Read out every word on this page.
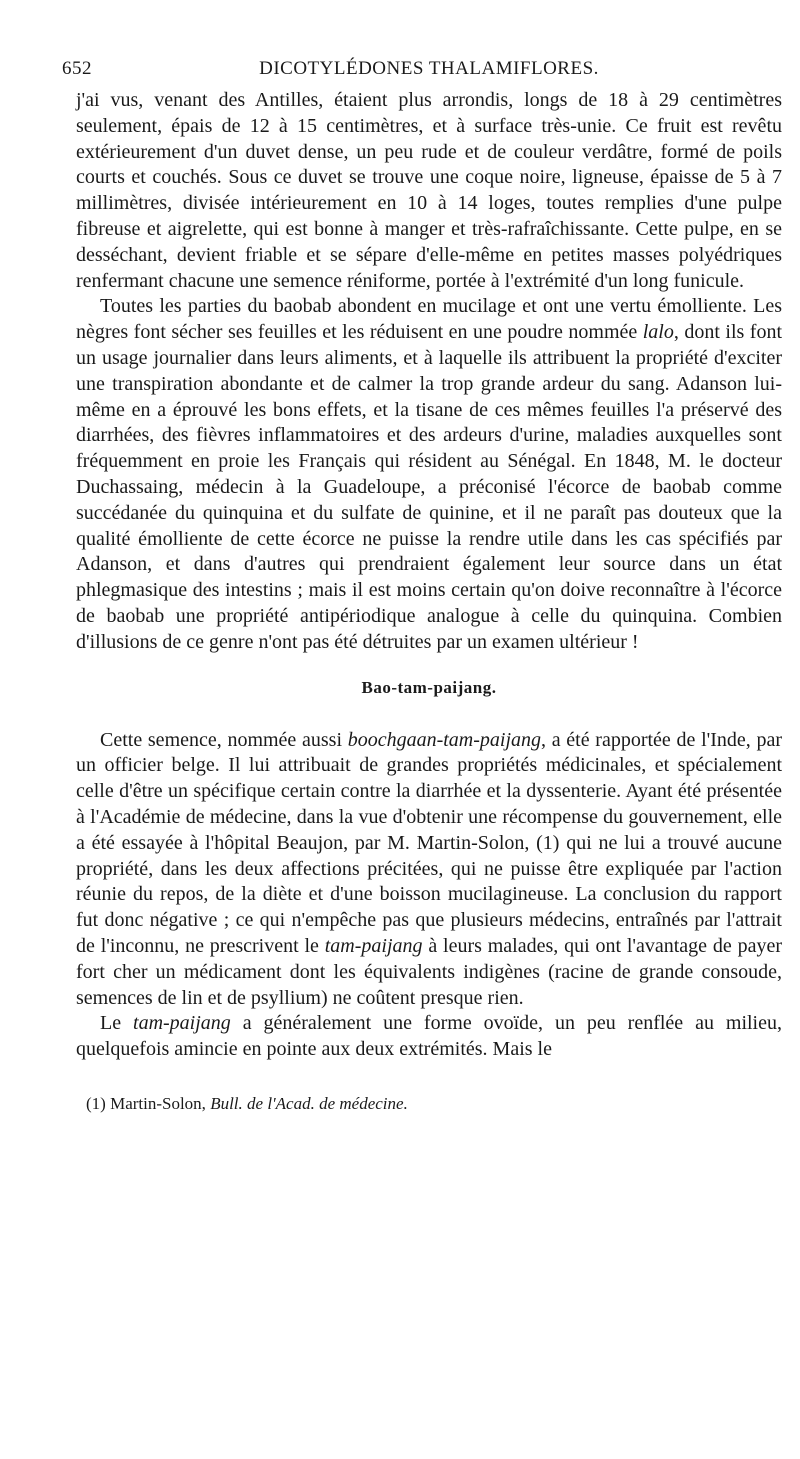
652	DICOTYLÉDONES THALAMIFLORES.

j'ai vus, venant des Antilles, étaient plus arrondis, longs de 18 à 29 centimètres seulement, épais de 12 à 15 centimètres, et à surface très-unie. Ce fruit est revêtu extérieurement d'un duvet dense, un peu rude et de couleur verdâtre, formé de poils courts et couchés. Sous ce duvet se trouve une coque noire, ligneuse, épaisse de 5 à 7 millimètres, divisée intérieurement en 10 à 14 loges, toutes remplies d'une pulpe fibreuse et aigrelette, qui est bonne à manger et très-rafraîchissante. Cette pulpe, en se desséchant, devient friable et se sépare d'elle-même en petites masses polyédriques renfermant chacune une semence réniforme, portée à l'extrémité d'un long funicule.

Toutes les parties du baobab abondent en mucilage et ont une vertu émolliente. Les nègres font sécher ses feuilles et les réduisent en une poudre nommée lalo, dont ils font un usage journalier dans leurs aliments, et à laquelle ils attribuent la propriété d'exciter une transpiration abondante et de calmer la trop grande ardeur du sang. Adanson lui-même en a éprouvé les bons effets, et la tisane de ces mêmes feuilles l'a préservé des diarrhées, des fièvres inflammatoires et des ardeurs d'urine, maladies auxquelles sont fréquemment en proie les Français qui résident au Sénégal. En 1848, M. le docteur Duchassaing, médecin à la Guadeloupe, a préconisé l'écorce de baobab comme succédanée du quinquina et du sulfate de quinine, et il ne paraît pas douteux que la qualité émolliente de cette écorce ne puisse la rendre utile dans les cas spécifiés par Adanson, et dans d'autres qui prendraient également leur source dans un état phlegmasique des intestins ; mais il est moins certain qu'on doive reconnaître à l'écorce de baobab une propriété antipériodique analogue à celle du quinquina. Combien d'illusions de ce genre n'ont pas été détruites par un examen ultérieur !

Bao-tam-paijang.

Cette semence, nommée aussi boochgaan-tam-paijang, a été rapportée de l'Inde, par un officier belge. Il lui attribuait de grandes propriétés médicinales, et spécialement celle d'être un spécifique certain contre la diarrhée et la dyssenterie. Ayant été présentée à l'Académie de médecine, dans la vue d'obtenir une récompense du gouvernement, elle a été essayée à l'hôpital Beaujon, par M. Martin-Solon, (1) qui ne lui a trouvé aucune propriété, dans les deux affections précitées, qui ne puisse être expliquée par l'action réunie du repos, de la diète et d'une boisson mucilagineuse. La conclusion du rapport fut donc négative ; ce qui n'empêche pas que plusieurs médecins, entraînés par l'attrait de l'inconnu, ne prescrivent le tam-paijang à leurs malades, qui ont l'avantage de payer fort cher un médicament dont les équivalents indigènes (racine de grande consoude, semences de lin et de psyllium) ne coûtent presque rien.

Le tam-paijang a généralement une forme ovoïde, un peu renflée au milieu, quelquefois amincie en pointe aux deux extrémités. Mais le

(1) Martin-Solon, Bull. de l'Acad. de médecine.
